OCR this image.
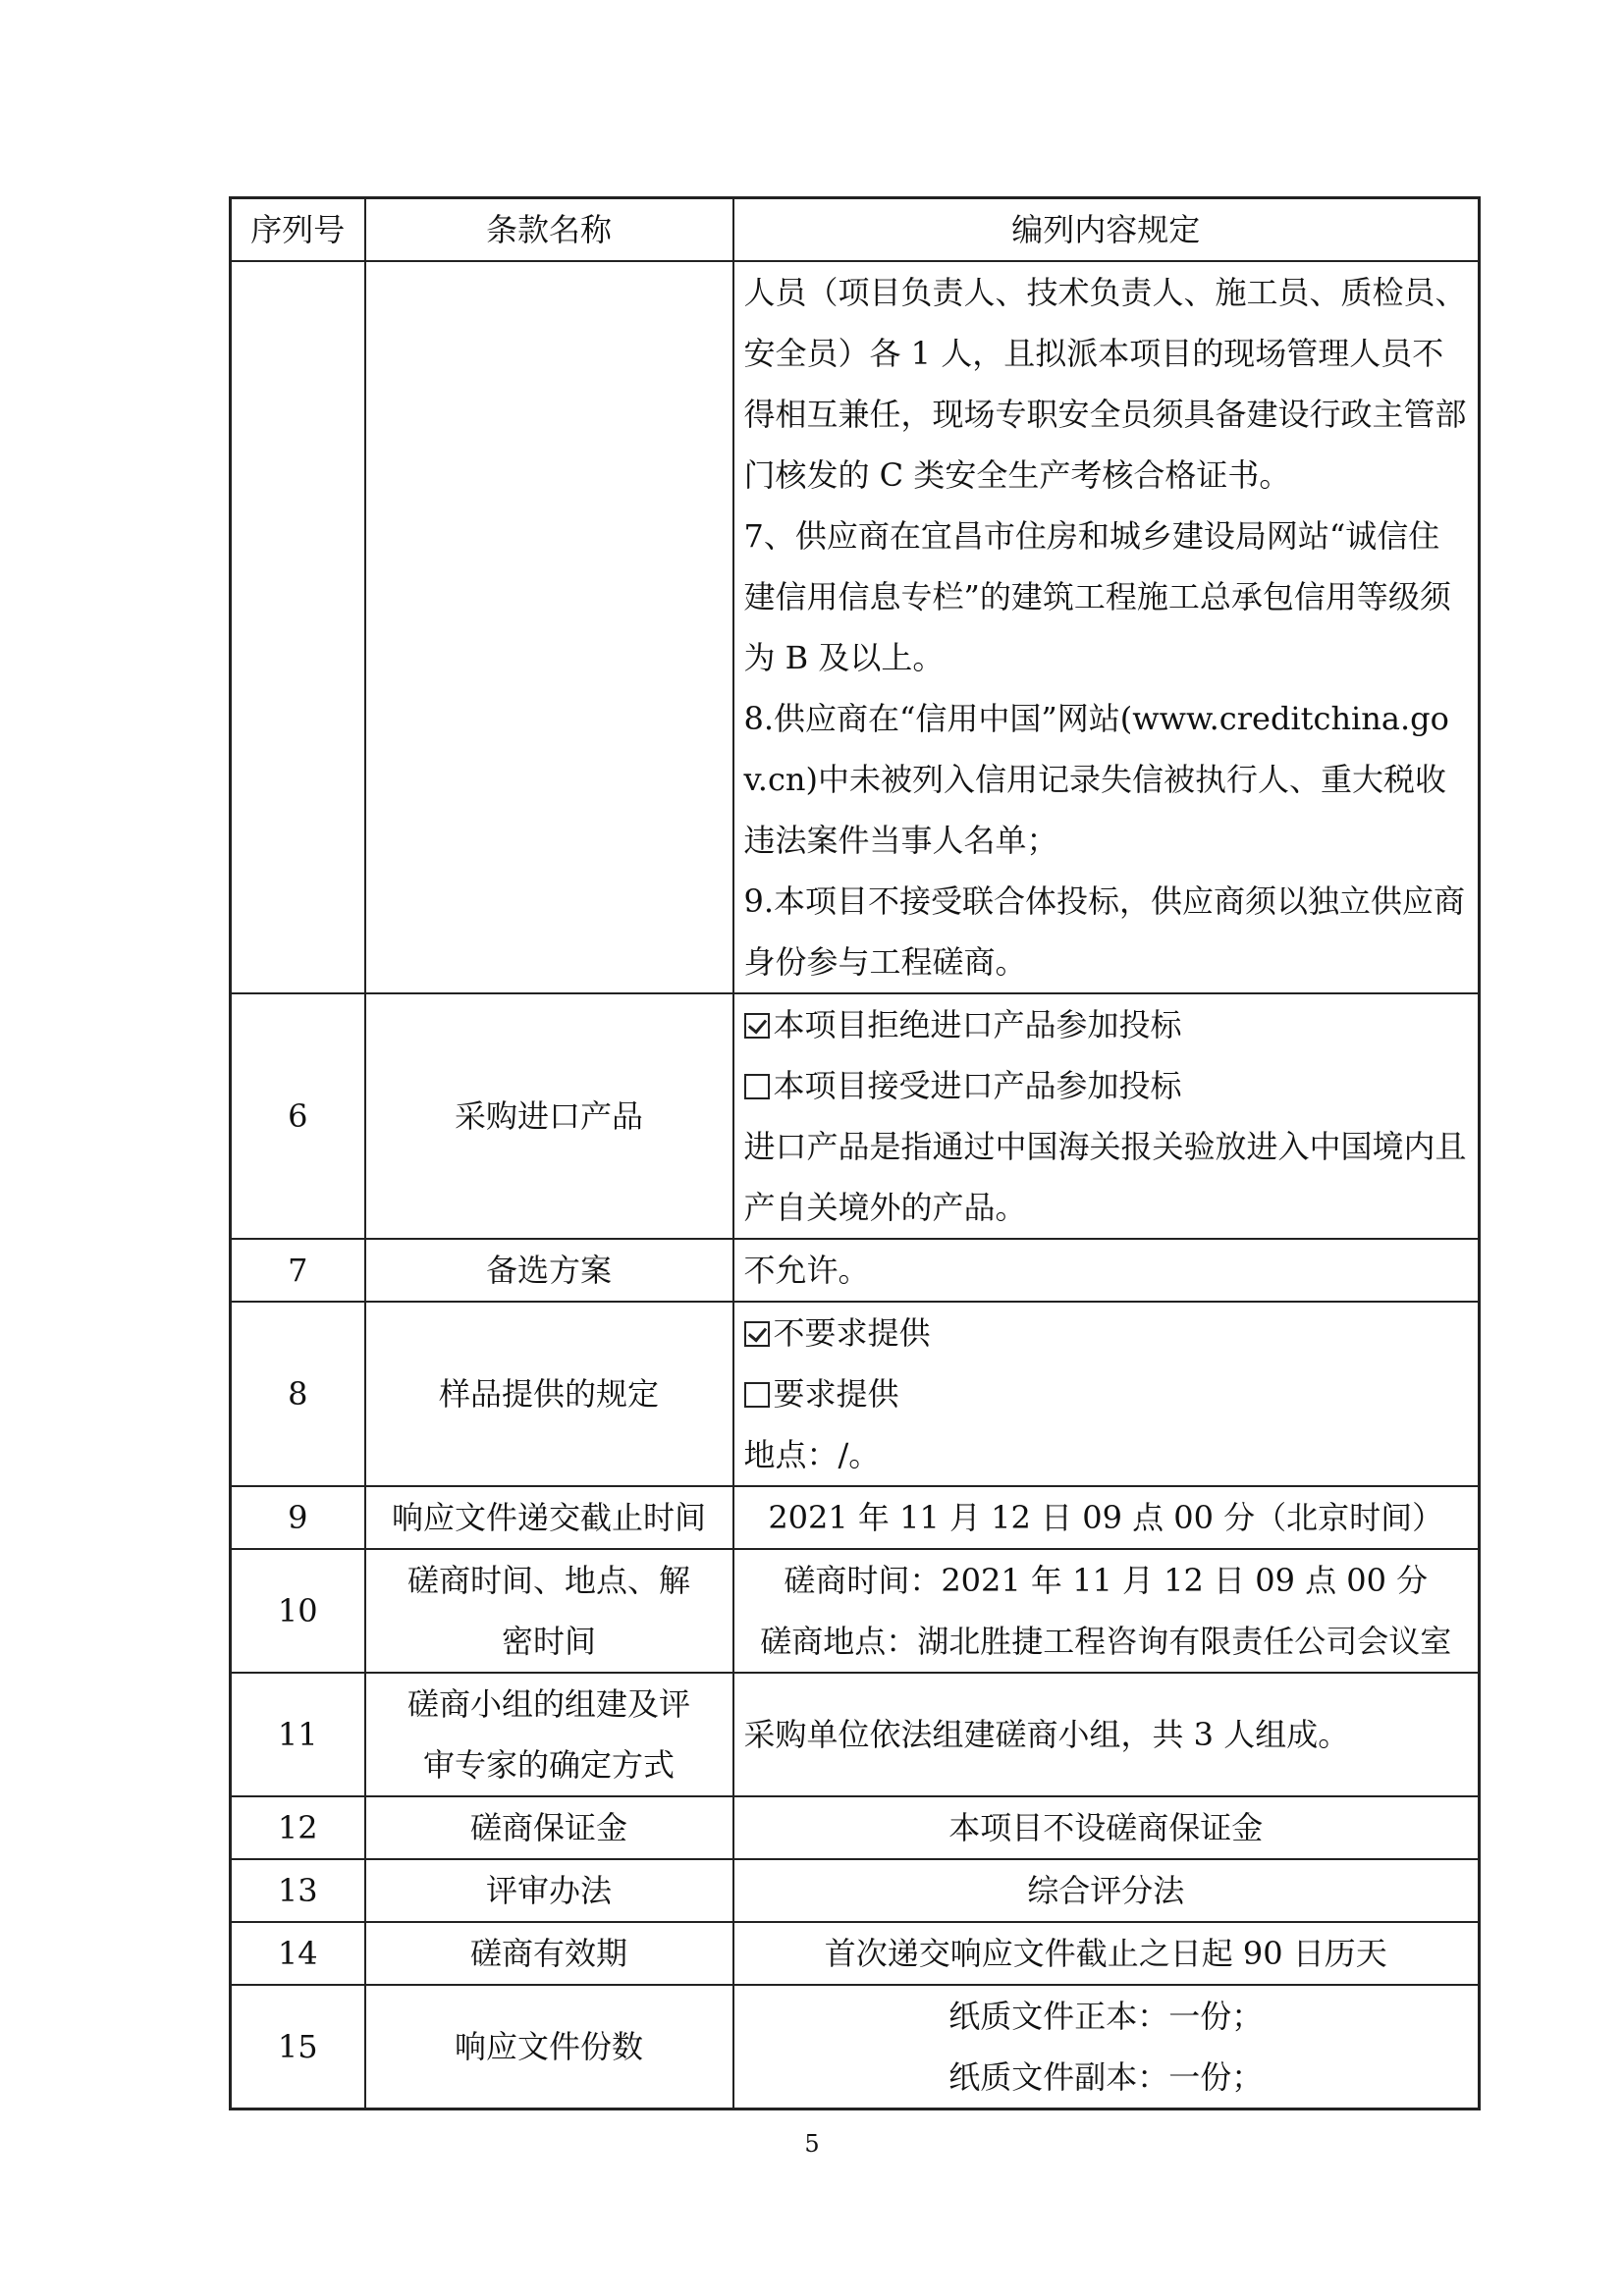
序列号	条款名称	编列内容规定

		人员（项目负责人、技术负责人、施工员、质检员、安全员）各 1 人，且拟派本项目的现场管理人员不得相互兼任，现场专职安全员须具备建设行政主管部门核发的 C 类安全生产考核合格证书。
7、供应商在宜昌市住房和城乡建设局网站“诚信住建信用信息专栏”的建筑工程施工总承包信用等级须为 B 及以上。
8.供应商在“信用中国”网站(www.creditchina.gov.cn)中未被列入信用记录失信被执行人、重大税收违法案件当事人名单；
9.本项目不接受联合体投标，供应商须以独立供应商身份参与工程磋商。

6	采购进口产品	本项目拒绝进口产品参加投标
本项目接受进口产品参加投标
进口产品是指通过中国海关报关验放进入中国境内且产自关境外的产品。

7	备选方案	不允许。
8	样品提供的规定	不要求提供
要求提供
地点：/。

9	响应文件递交截止时间	2021 年 11 月 12 日 09 点 00 分（北京时间）
10	磋商时间、地点、解密时间	磋商时间：2021 年 11 月 12 日 09 点 00 分
磋商地点：湖北胜捷工程咨询有限责任公司会议室

11	磋商小组的组建及评审专家的确定方式	采购单位依法组建磋商小组，共 3 人组成。
12	磋商保证金	本项目不设磋商保证金
13	评审办法	综合评分法
14	磋商有效期	首次递交响应文件截止之日起 90 日历天
15	响应文件份数	纸质文件正本：一份；
纸质文件副本：一份；
5
